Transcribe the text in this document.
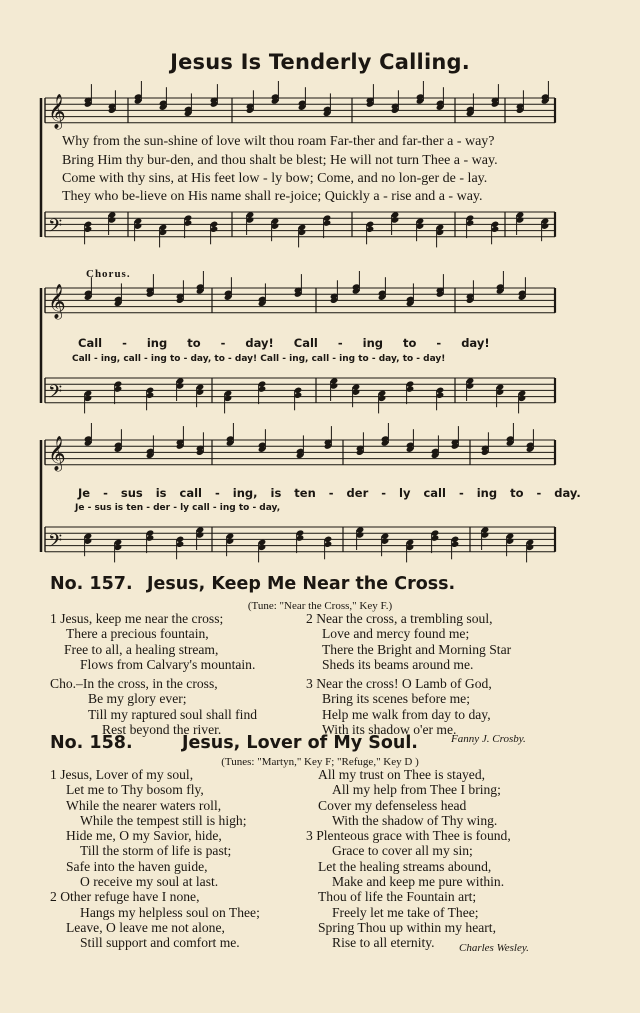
𝄞
𝄢
𝄞
𝄢
𝄞
𝄢
Jesus Is Tenderly Calling.
Why from the sun-shine of love wilt thou roam Far-ther and far-ther a - way?
Bring Him thy bur-den, and thou shalt be blest; He will not turn Thee a - way.
Come with thy sins, at His feet low - ly bow; Come, and no lon-ger de - lay.
They who be-lieve on His name shall re-joice; Quickly a - rise and a - way.
Chorus.
Call - ing to - day! Call - ing to - day!
Call - ing, call - ing to - day, to - day! Call - ing, call - ing to - day, to - day!
Je - sus is call - ing, is ten - der - ly call - ing to - day.
Je - sus is ten - der - ly call - ing to - day,
No. 157. Jesus, Keep Me Near the Cross.
(Tune: "Near the Cross," Key F.)
1 Jesus, keep me near the cross;
There a precious fountain,
Free to all, a healing stream,
Flows from Calvary's mountain.
Cho.–In the cross, in the cross,
Be my glory ever;
Till my raptured soul shall find
Rest beyond the river.
2 Near the cross, a trembling soul,
Love and mercy found me;
There the Bright and Morning Star
Sheds its beams around me.
3 Near the cross! O Lamb of God,
Bring its scenes before me;
Help me walk from day to day,
With its shadow o'er me.
No. 158.	Jesus, Lover of My Soul.	Fanny J. Crosby.
(Tunes: "Martyn," Key F; "Refuge," Key D )
1 Jesus, Lover of my soul,
Let me to Thy bosom fly,
While the nearer waters roll,
While the tempest still is high;
Hide me, O my Savior, hide,
Till the storm of life is past;
Safe into the haven guide,
O receive my soul at last.
2 Other refuge have I none,
Hangs my helpless soul on Thee;
Leave, O leave me not alone,
Still support and comfort me.
All my trust on Thee is stayed,
All my help from Thee I bring;
Cover my defenseless head
With the shadow of Thy wing.
3 Plenteous grace with Thee is found,
Grace to cover all my sin;
Let the healing streams abound,
Make and keep me pure within.
Thou of life the Fountain art;
Freely let me take of Thee;
Spring Thou up within my heart,
Rise to all eternity.	Charles Wesley.
